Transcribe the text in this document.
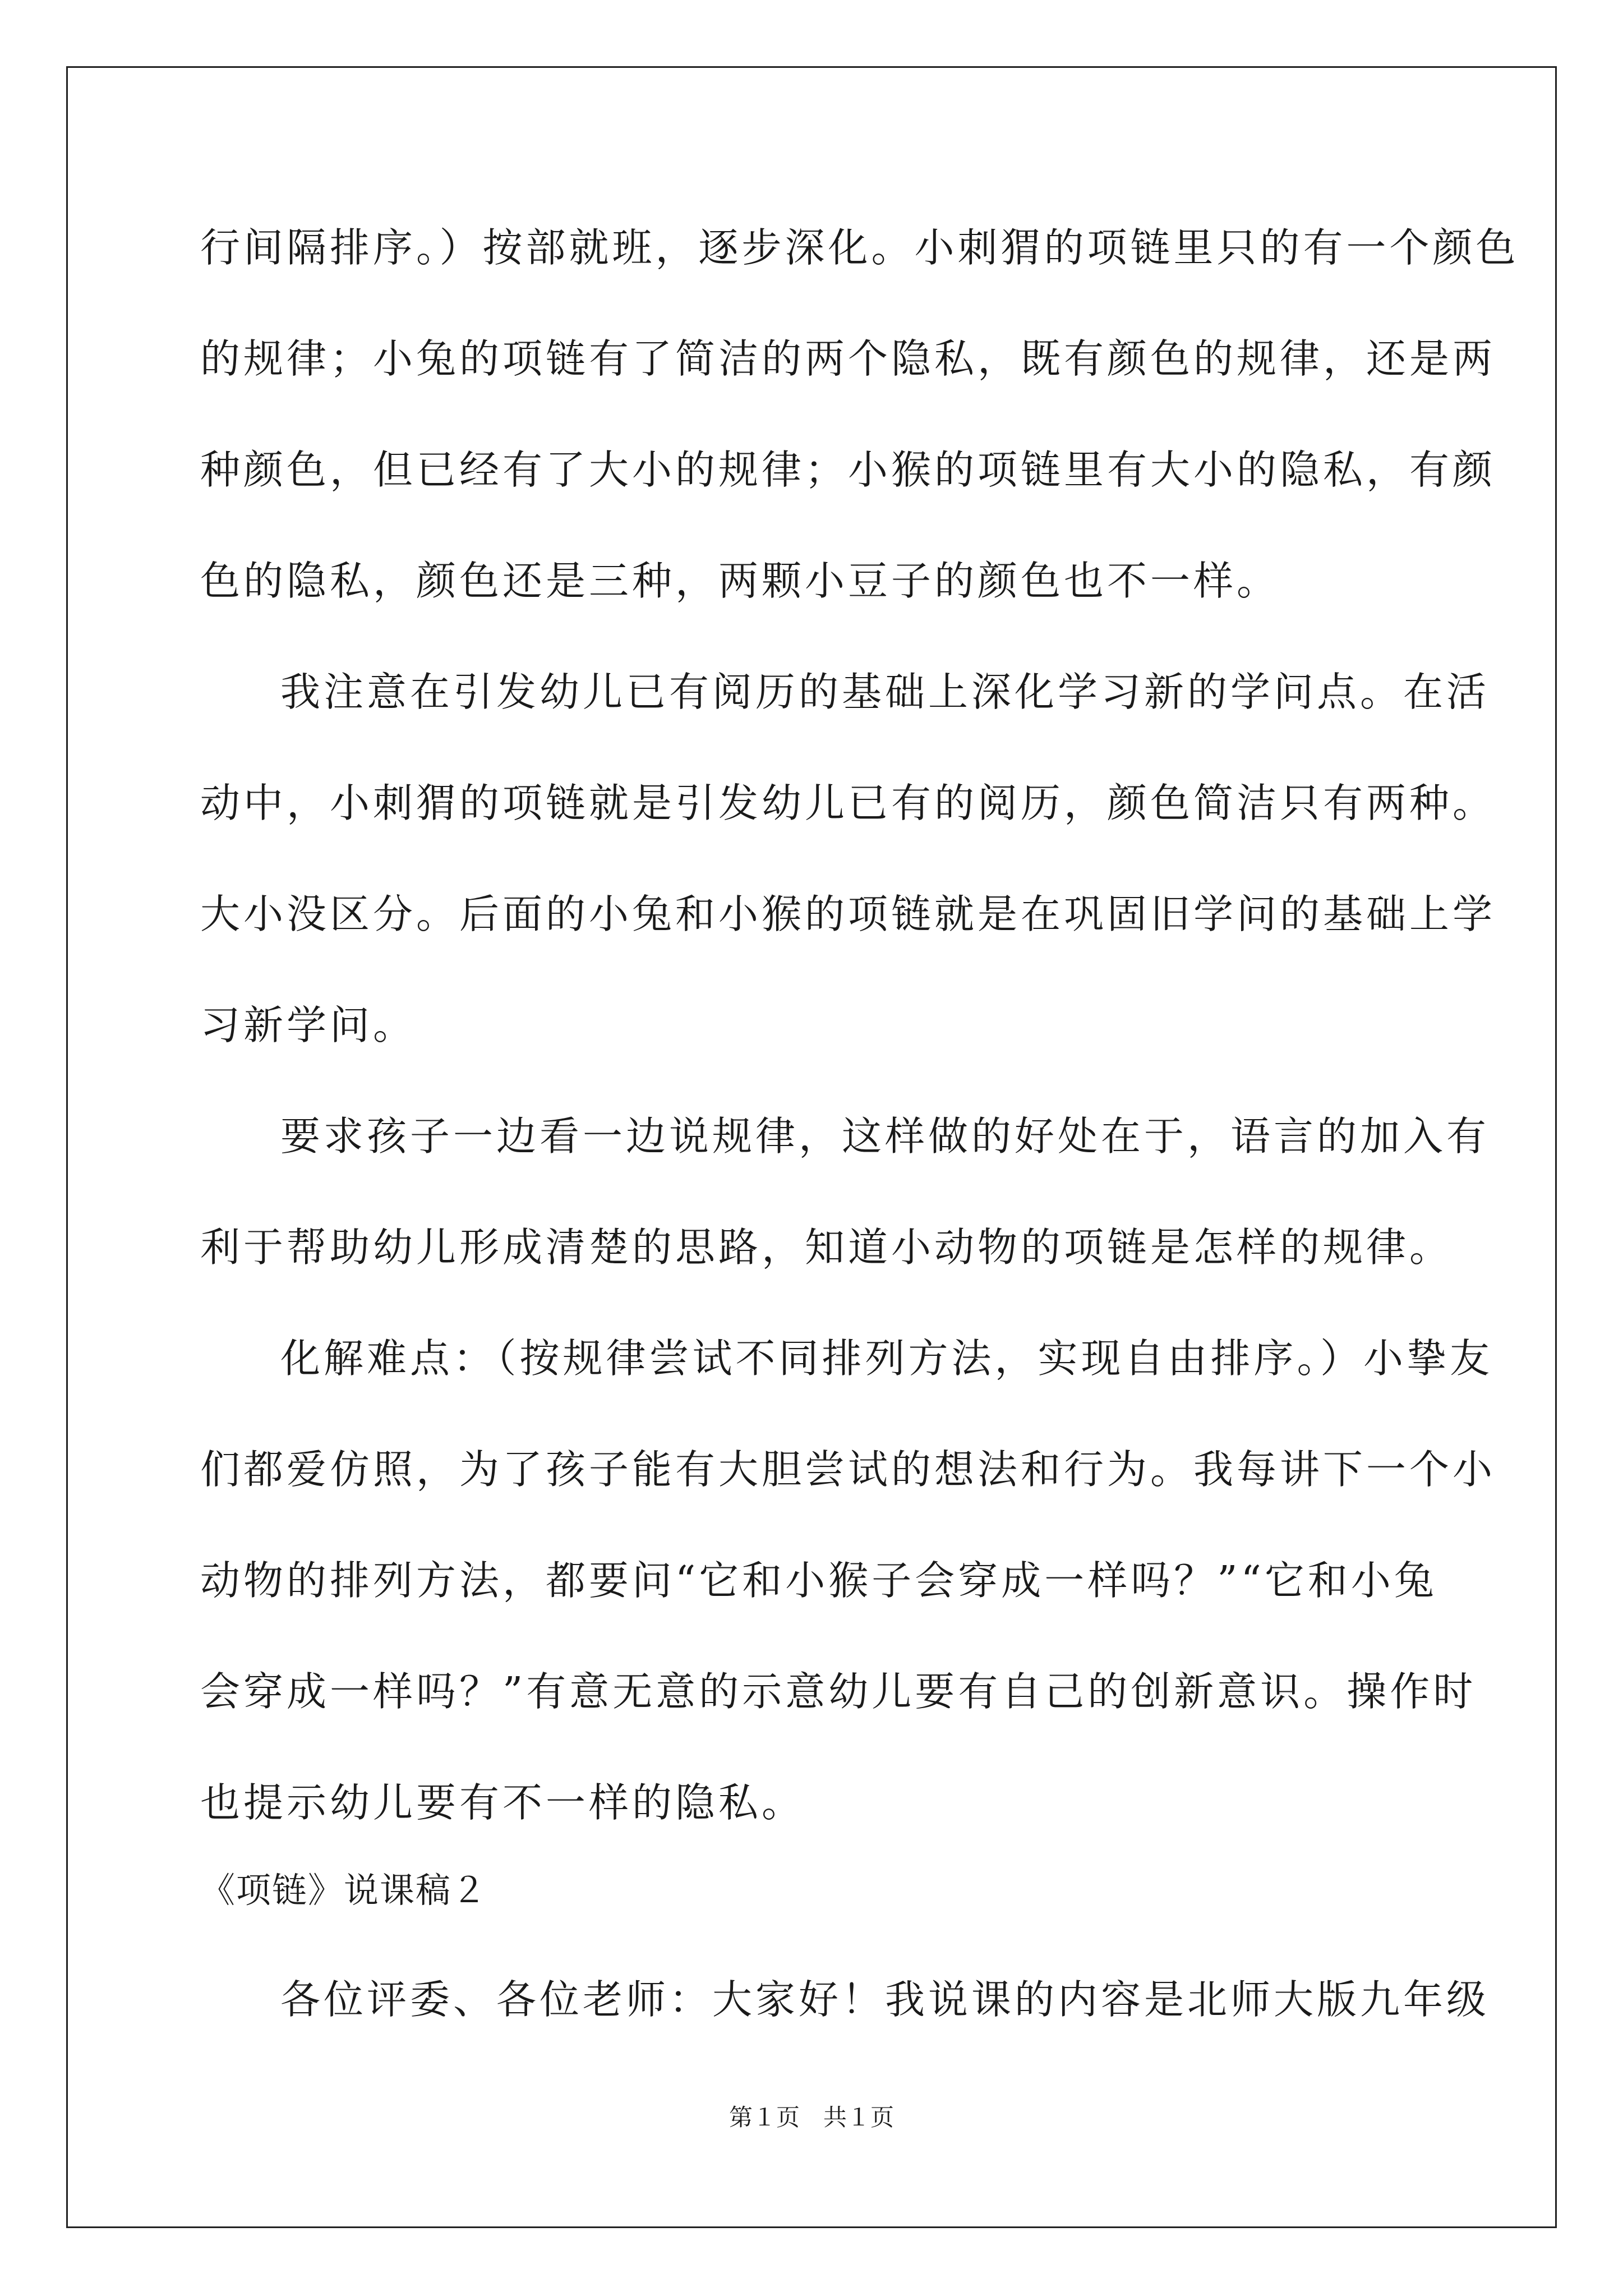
行间隔排序。）按部就班，逐步深化。小刺猬的项链里只的有一个颜色
的规律；小兔的项链有了简洁的两个隐私，既有颜色的规律，还是两
种颜色，但已经有了大小的规律；小猴的项链里有大小的隐私，有颜
色的隐私，颜色还是三种，两颗小豆子的颜色也不一样。
我注意在引发幼儿已有阅历的基础上深化学习新的学问点。在活
动中，小刺猬的项链就是引发幼儿已有的阅历，颜色简洁只有两种。
大小没区分。后面的小兔和小猴的项链就是在巩固旧学问的基础上学
习新学问。
要求孩子一边看一边说规律，这样做的好处在于，语言的加入有
利于帮助幼儿形成清楚的思路，知道小动物的项链是怎样的规律。
化解难点：（按规律尝试不同排列方法，实现自由排序。）小挚友
们都爱仿照，为了孩子能有大胆尝试的想法和行为。我每讲下一个小
动物的排列方法，都要问“它和小猴子会穿成一样吗？”“它和小兔
会穿成一样吗？”有意无意的示意幼儿要有自己的创新意识。操作时
也提示幼儿要有不一样的隐私。
《项链》说课稿２
各位评委、各位老师：大家好！我说课的内容是北师大版九年级
第１页　共１页
